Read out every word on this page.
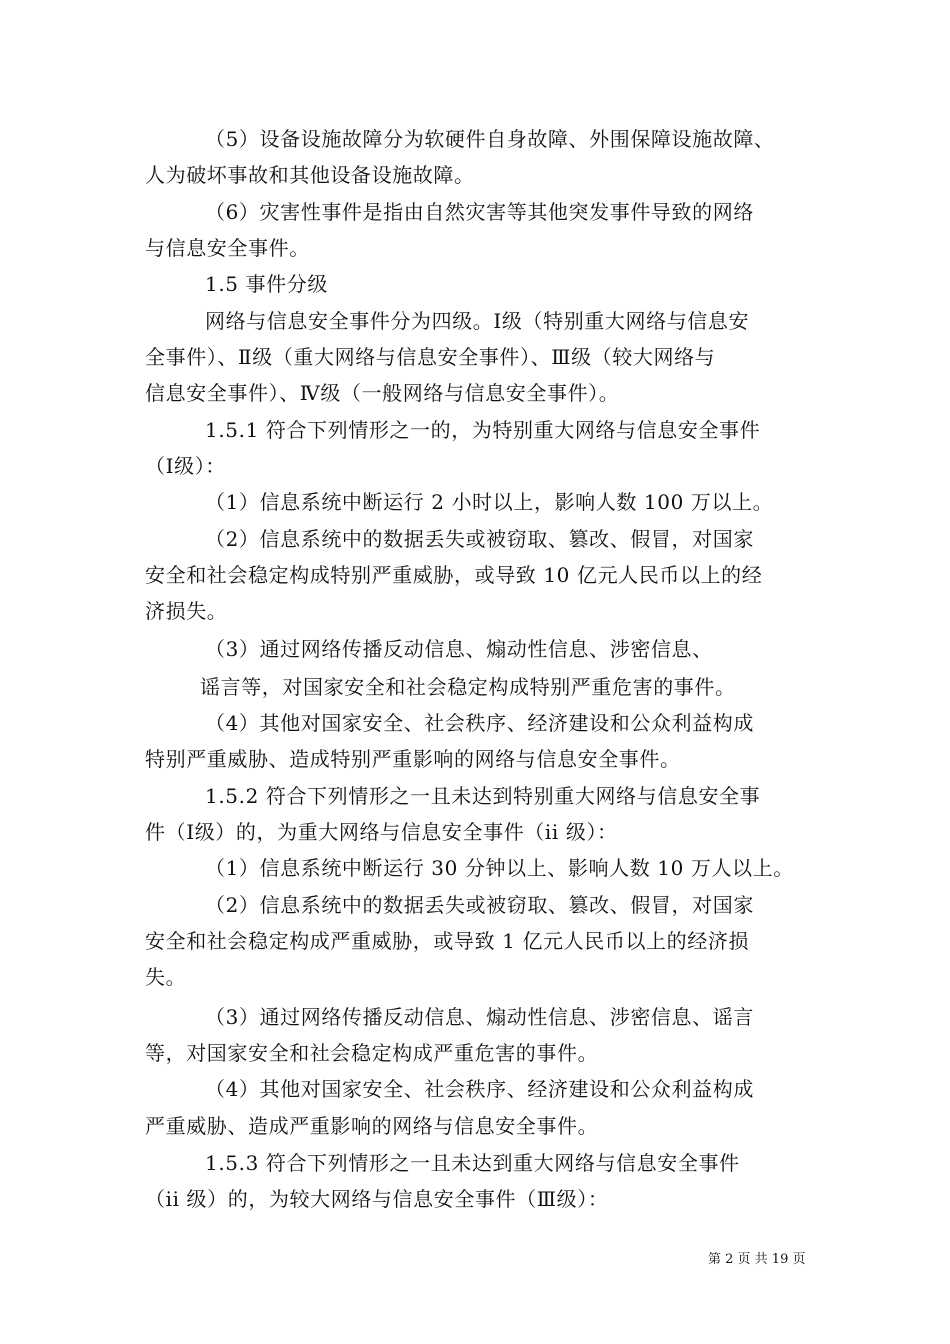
（5）设备设施故障分为软硬件自身故障、外围保障设施故障、
人为破坏事故和其他设备设施故障。
（6）灾害性事件是指由自然灾害等其他突发事件导致的网络
与信息安全事件。
1.5 事件分级
网络与信息安全事件分为四级。Ⅰ级（特别重大网络与信息安
全事件）、Ⅱ级（重大网络与信息安全事件）、Ⅲ级（较大网络与
信息安全事件）、Ⅳ级（一般网络与信息安全事件）。
1.5.1 符合下列情形之一的，为特别重大网络与信息安全事件
（Ⅰ级）：
（1）信息系统中断运行 2 小时以上，影响人数 100 万以上。
（2）信息系统中的数据丢失或被窃取、篡改、假冒，对国家
安全和社会稳定构成特别严重威胁，或导致 10 亿元人民币以上的经
济损失。
（3）通过网络传播反动信息、煽动性信息、涉密信息、
谣言等，对国家安全和社会稳定构成特别严重危害的事件。
（4）其他对国家安全、社会秩序、经济建设和公众利益构成
特别严重威胁、造成特别严重影响的网络与信息安全事件。
1.5.2 符合下列情形之一且未达到特别重大网络与信息安全事
件（Ⅰ级）的，为重大网络与信息安全事件（ii 级）：
（1）信息系统中断运行 30 分钟以上、影响人数 10 万人以上。
（2）信息系统中的数据丢失或被窃取、篡改、假冒，对国家
安全和社会稳定构成严重威胁，或导致 1 亿元人民币以上的经济损
失。
（3）通过网络传播反动信息、煽动性信息、涉密信息、谣言
等，对国家安全和社会稳定构成严重危害的事件。
（4）其他对国家安全、社会秩序、经济建设和公众利益构成
严重威胁、造成严重影响的网络与信息安全事件。
1.5.3 符合下列情形之一且未达到重大网络与信息安全事件
（ii 级）的，为较大网络与信息安全事件（Ⅲ级）：
第 2 页 共 19 页
